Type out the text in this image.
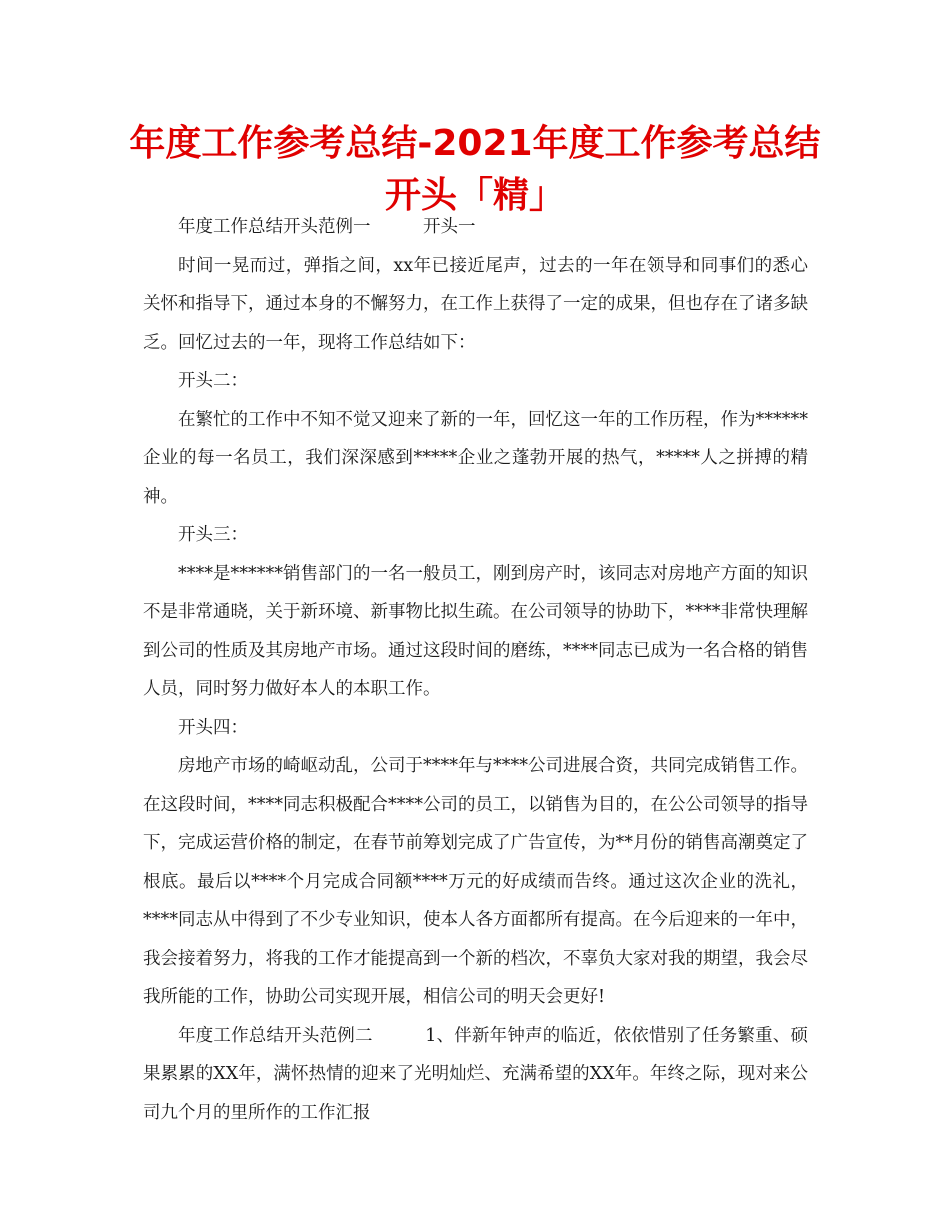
年度工作参考总结-2021年度工作参考总结开头「精」

年度工作总结开头范例一	开头一

时间一晃而过，弹指之间，xx年已接近尾声，过去的一年在领导和同事们的悉心关怀和指导下，通过本身的不懈努力，在工作上获得了一定的成果，但也存在了诸多缺乏。回忆过去的一年，现将工作总结如下：

开头二：

在繁忙的工作中不知不觉又迎来了新的一年，回忆这一年的工作历程，作为******企业的每一名员工，我们深深感到*****企业之蓬勃开展的热气，*****人之拼搏的精神。

开头三：

****是******销售部门的一名一般员工，刚到房产时，该同志对房地产方面的知识不是非常通晓，关于新环境、新事物比拟生疏。在公司领导的协助下，****非常快理解到公司的性质及其房地产市场。通过这段时间的磨练，****同志已成为一名合格的销售人员，同时努力做好本人的本职工作。

开头四：

房地产市场的崎岖动乱，公司于****年与****公司进展合资，共同完成销售工作。在这段时间，****同志积极配合****公司的员工，以销售为目的，在公公司领导的指导下，完成运营价格的制定，在春节前筹划完成了广告宣传，为**月份的销售高潮奠定了根底。最后以****个月完成合同额****万元的好成绩而告终。通过这次企业的洗礼，****同志从中得到了不少专业知识，使本人各方面都所有提高。在今后迎来的一年中，我会接着努力，将我的工作才能提高到一个新的档次，不辜负大家对我的期望，我会尽我所能的工作，协助公司实现开展，相信公司的明天会更好!

年度工作总结开头范例二	1、伴新年钟声的临近，依依惜别了任务繁重、硕果累累的XX年，满怀热情的迎来了光明灿烂、充满希望的XX年。年终之际，现对来公司九个月的里所作的工作汇报
